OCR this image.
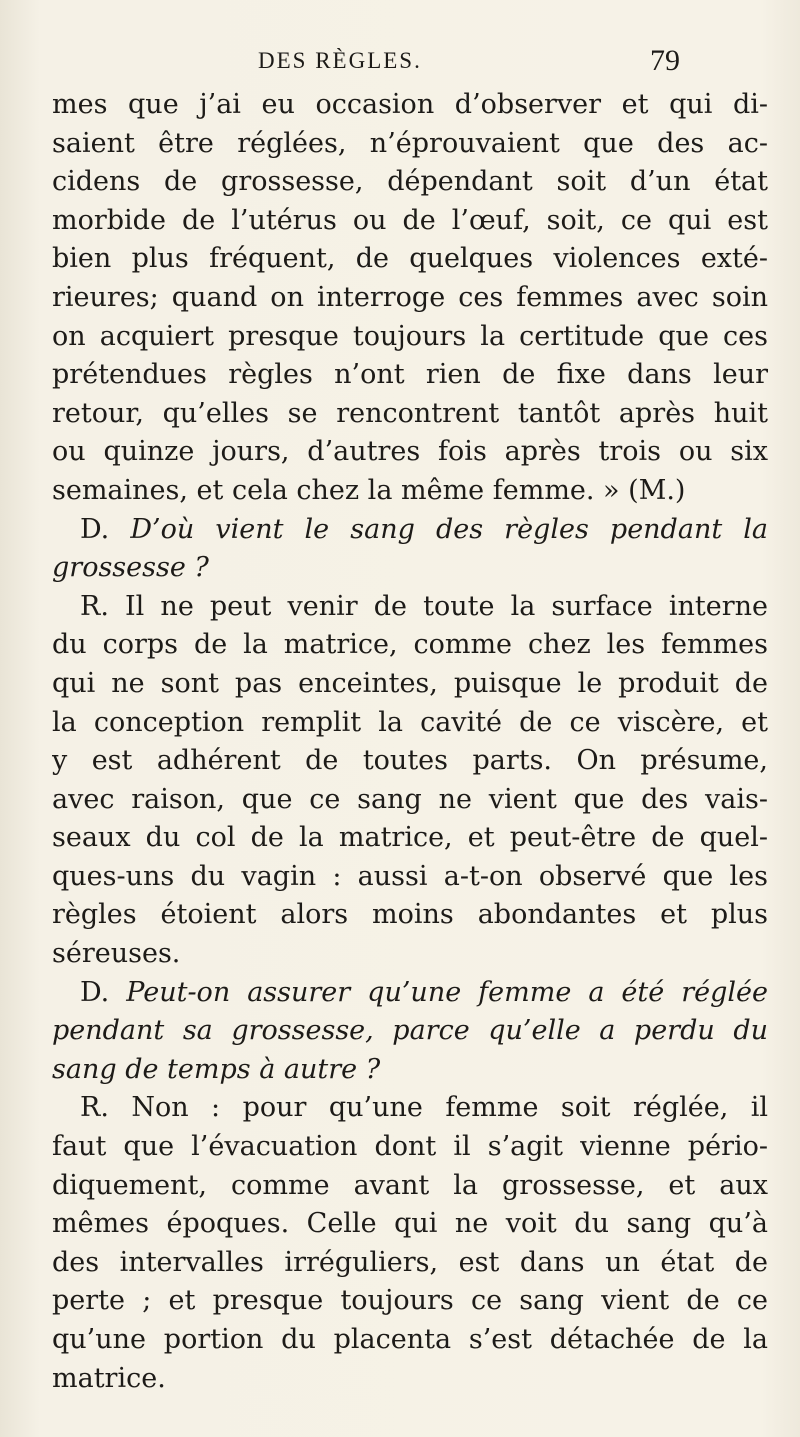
DES RÈGLES.	79
mes que j’ai eu occasion d’observer et qui di-
saient être réglées, n’éprouvaient que des ac-
cidens de grossesse, dépendant soit d’un état
morbide de l’utérus ou de l’œuf, soit, ce qui est
bien plus fréquent, de quelques violences exté-
rieures; quand on interroge ces femmes avec soin
on acquiert presque toujours la certitude que ces
prétendues règles n’ont rien de fixe dans leur
retour, qu’elles se rencontrent tantôt après huit
ou quinze jours, d’autres fois après trois ou six
semaines, et cela chez la même femme. » (M.)
D. D’où vient le sang des règles pendant la
grossesse ?
R. Il ne peut venir de toute la surface interne
du corps de la matrice, comme chez les femmes
qui ne sont pas enceintes, puisque le produit de
la conception remplit la cavité de ce viscère, et
y est adhérent de toutes parts. On présume,
avec raison, que ce sang ne vient que des vais-
seaux du col de la matrice, et peut-être de quel-
ques-uns du vagin : aussi a-t-on observé que les
règles étoient alors moins abondantes et plus
séreuses.
D. Peut-on assurer qu’une femme a été réglée
pendant sa grossesse, parce qu’elle a perdu du
sang de temps à autre ?
R. Non : pour qu’une femme soit réglée, il
faut que l’évacuation dont il s’agit vienne pério-
diquement, comme avant la grossesse, et aux
mêmes époques. Celle qui ne voit du sang qu’à
des intervalles irréguliers, est dans un état de
perte ; et presque toujours ce sang vient de ce
qu’une portion du placenta s’est détachée de la
matrice.
